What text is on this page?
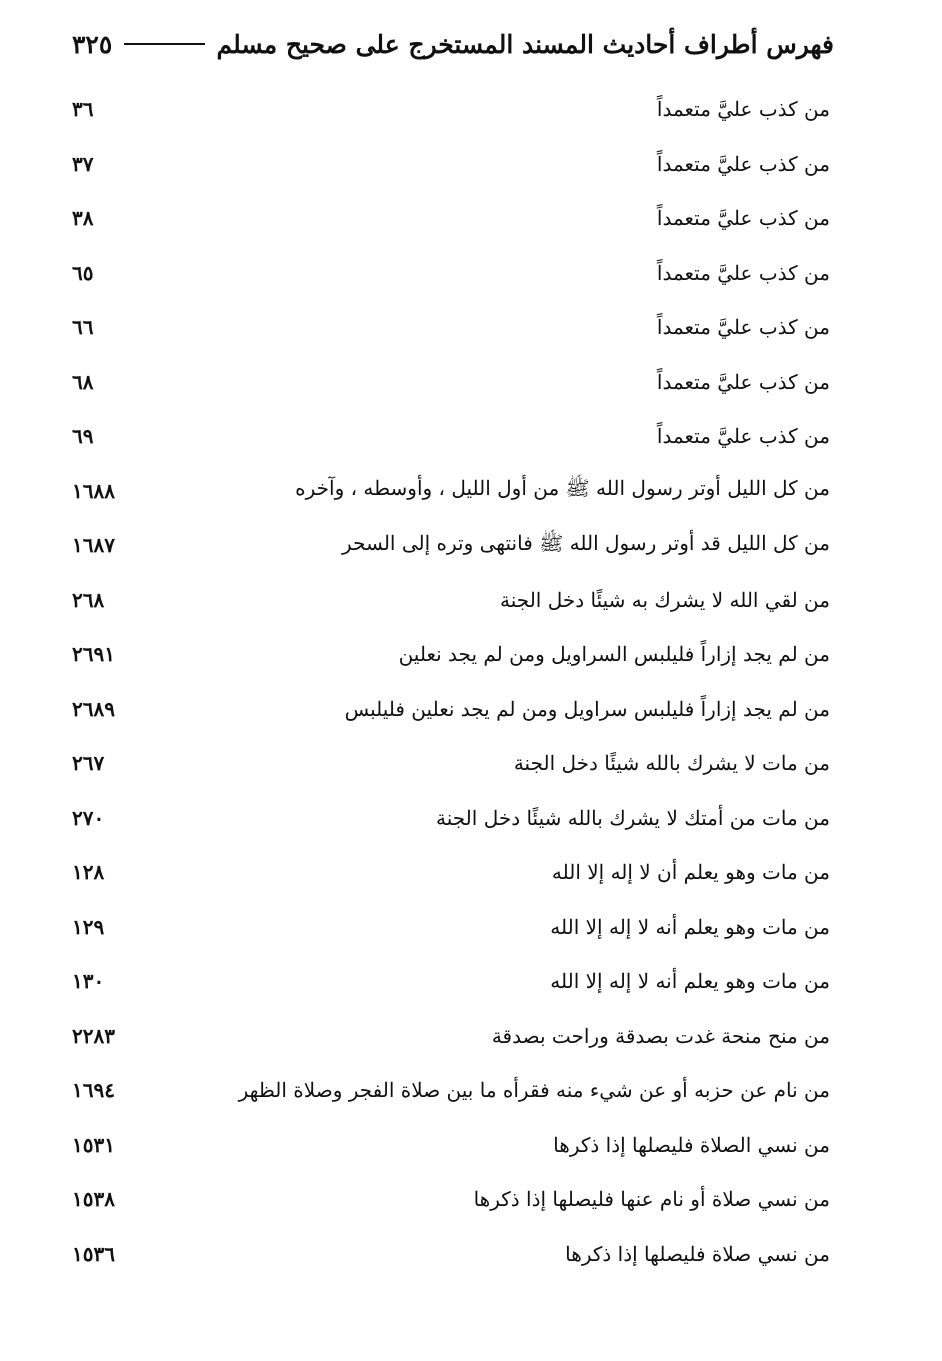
فهرس أطراف أحاديث المسند المستخرج على صحيح مسلم
٣٢٥
من كذب عليَّ متعمداً
٣٦
من كذب عليَّ متعمداً
٣٧
من كذب عليَّ متعمداً
٣٨
من كذب عليَّ متعمداً
٦٥
من كذب عليَّ متعمداً
٦٦
من كذب عليَّ متعمداً
٦٨
من كذب عليَّ متعمداً
٦٩
من كل الليل أوتر رسول الله ﷺ من أول الليل ، وأوسطه ، وآخره
١٦٨٨
من كل الليل قد أوتر رسول الله ﷺ فانتهى وتره إلى السحر
١٦٨٧
من لقي الله لا يشرك به شيئًا دخل الجنة
٢٦٨
من لم يجد إزاراً فليلبس السراويل ومن لم يجد نعلين
٢٦٩١
من لم يجد إزاراً فليلبس سراويل ومن لم يجد نعلين فليلبس
٢٦٨٩
من مات لا يشرك بالله شيئًا دخل الجنة
٢٦٧
من مات من أمتك لا يشرك بالله شيئًا دخل الجنة
٢٧٠
من مات وهو يعلم أن لا إله إلا الله
١٢٨
من مات وهو يعلم أنه لا إله إلا الله
١٢٩
من مات وهو يعلم أنه لا إله إلا الله
١٣٠
من منح منحة غدت بصدقة وراحت بصدقة
٢٢٨٣
من نام عن حزبه أو عن شيء منه فقرأه ما بين صلاة الفجر وصلاة الظهر
١٦٩٤
من نسي الصلاة فليصلها إذا ذكرها
١٥٣١
من نسي صلاة أو نام عنها فليصلها إذا ذكرها
١٥٣٨
من نسي صلاة فليصلها إذا ذكرها
١٥٣٦
